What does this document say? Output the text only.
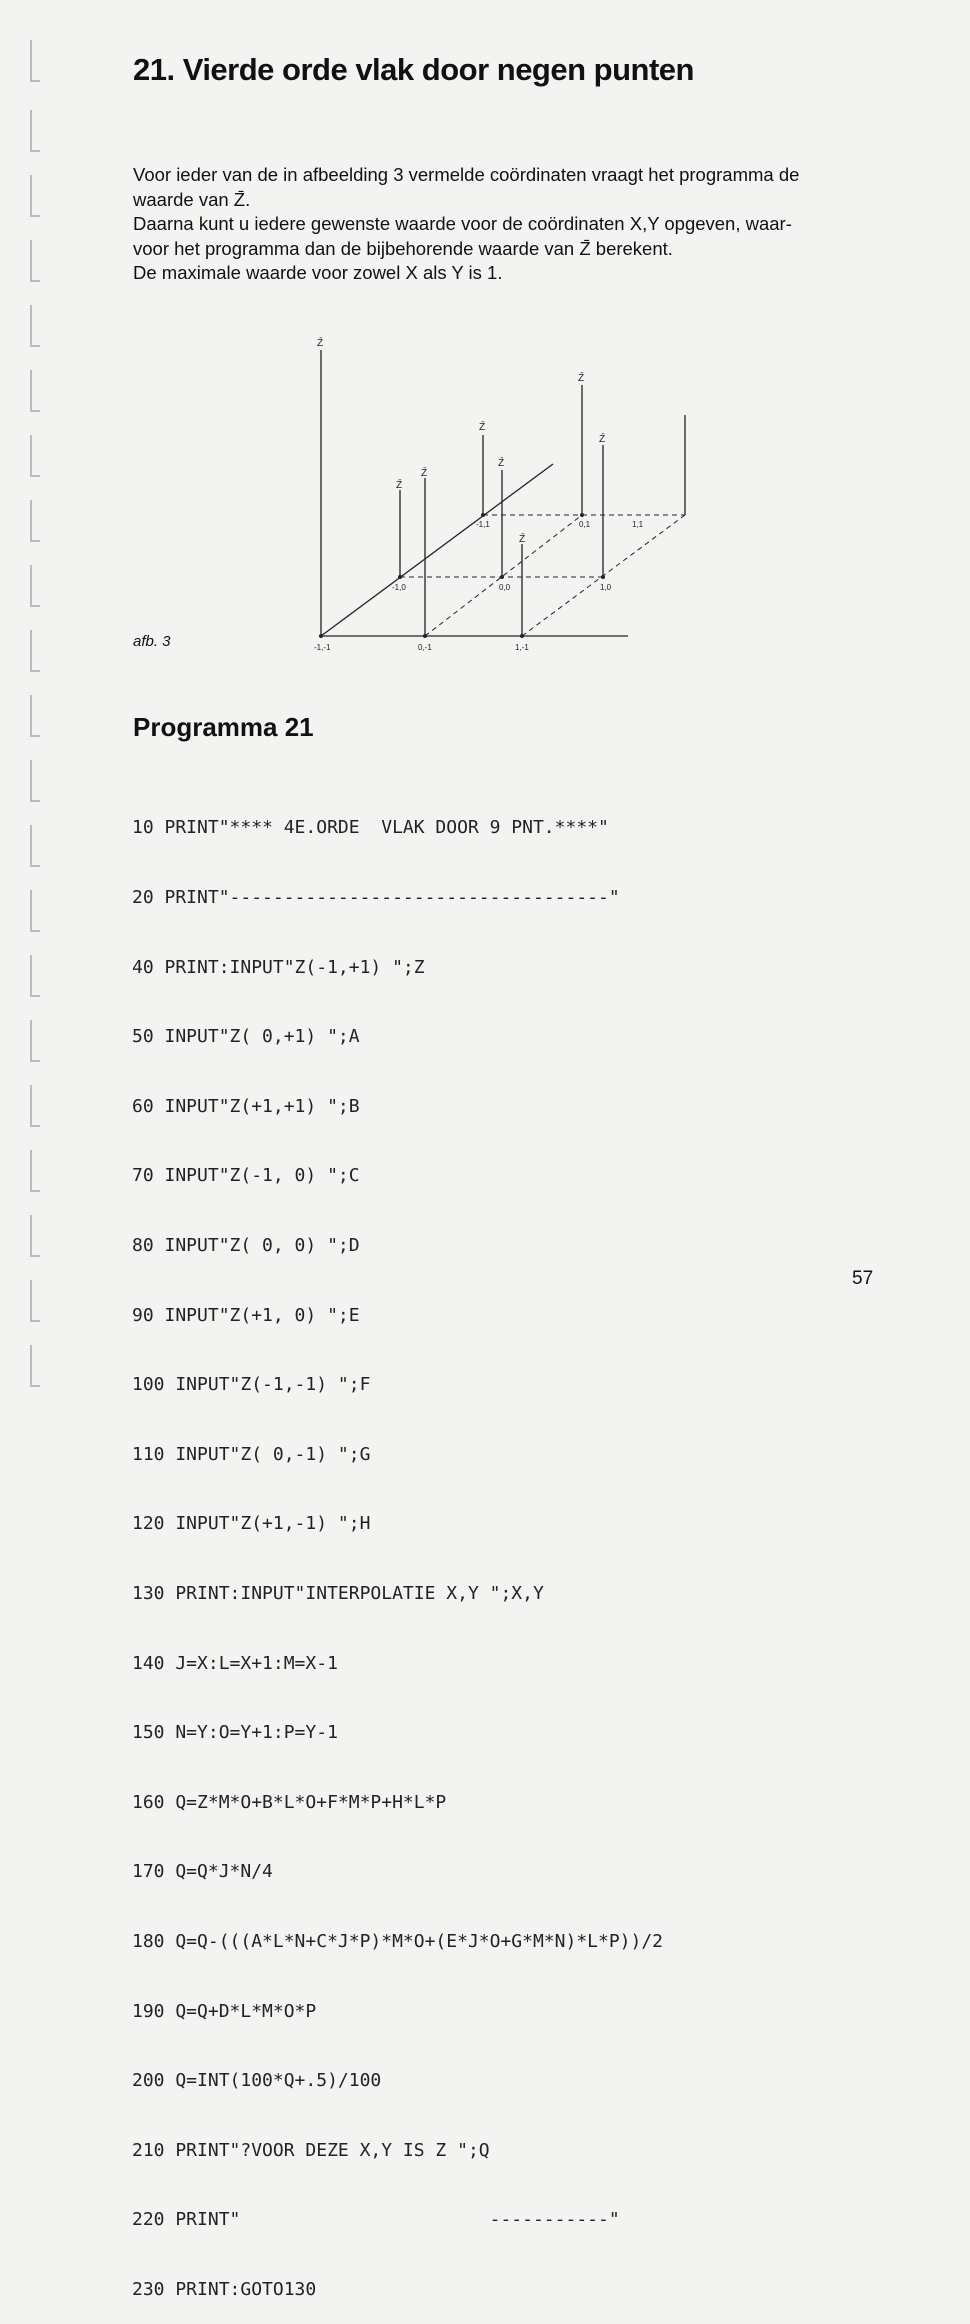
21. Vierde orde vlak door negen punten

Voor ieder van de in afbeelding 3 vermelde coördinaten vraagt het programma de

waarde van Z̄.

Daarna kunt u iedere gewenste waarde voor de coördinaten X,Y opgeven, waar-

voor het programma dan de bijbehorende waarde van Z̄ berekent.

De maximale waarde voor zowel X als Y is 1.

Z̄
Z̄
Z̄
Z̄
Z̄
Z̄
Z̄
Z̄
-1,-1	0,-1	1,-1
-1,0	0,0	1,0
-1,1	0,1	1,1
afb. 3
Programma 21

10 PRINT"**** 4E.ORDE  VLAK DOOR 9 PNT.****"

20 PRINT"-----------------------------------"

40 PRINT:INPUT"Z(-1,+1) ";Z

50 INPUT"Z( 0,+1) ";A

60 INPUT"Z(+1,+1) ";B

70 INPUT"Z(-1, 0) ";C

80 INPUT"Z( 0, 0) ";D

90 INPUT"Z(+1, 0) ";E

100 INPUT"Z(-1,-1) ";F

110 INPUT"Z( 0,-1) ";G

120 INPUT"Z(+1,-1) ";H

130 PRINT:INPUT"INTERPOLATIE X,Y ";X,Y

140 J=X:L=X+1:M=X-1

150 N=Y:O=Y+1:P=Y-1

160 Q=Z*M*O+B*L*O+F*M*P+H*L*P

170 Q=Q*J*N/4

180 Q=Q-(((A*L*N+C*J*P)*M*O+(E*J*O+G*M*N)*L*P))/2

190 Q=Q+D*L*M*O*P

200 Q=INT(100*Q+.5)/100

210 PRINT"?VOOR DEZE X,Y IS Z ";Q

220 PRINT"                       -----------"

230 PRINT:GOTO130

57
